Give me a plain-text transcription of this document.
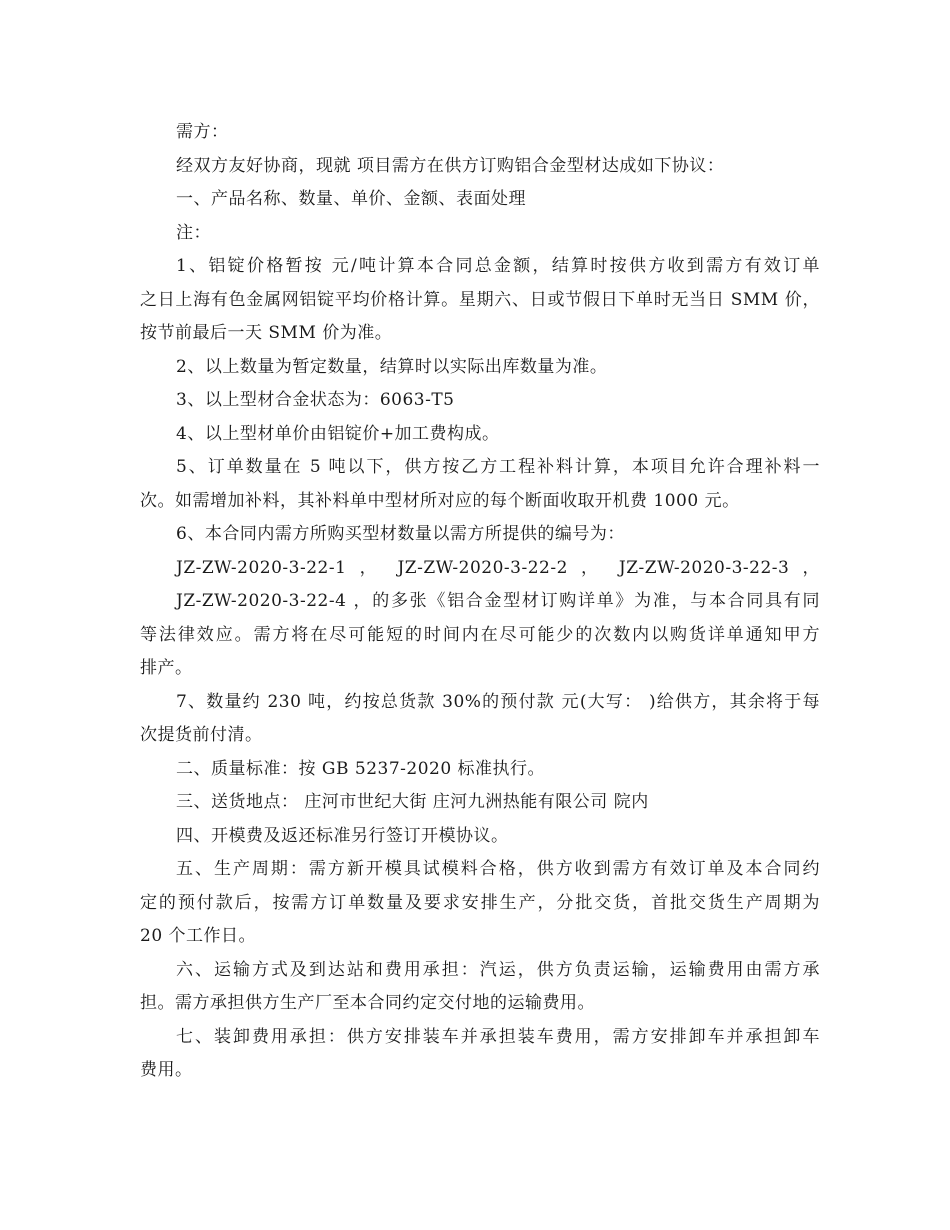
需方：
经双方友好协商，现就 项目需方在供方订购铝合金型材达成如下协议：
一、产品名称、数量、单价、金额、表面处理
注：
1、铝锭价格暂按 元/吨计算本合同总金额，结算时按供方收到需方有效订单
之日上海有色金属网铝锭平均价格计算。星期六、日或节假日下单时无当日 SMM 价，
按节前最后一天 SMM 价为准。
2、以上数量为暂定数量，结算时以实际出库数量为准。
3、以上型材合金状态为：6063-T5
4、以上型材单价由铝锭价+加工费构成。
5、订单数量在 5 吨以下，供方按乙方工程补料计算，本项目允许合理补料一
次。如需增加补料，其补料单中型材所对应的每个断面收取开机费 1000 元。
6、本合同内需方所购买型材数量以需方所提供的编号为：
JZ-ZW-2020-3-22-1 ， JZ-ZW-2020-3-22-2 ， JZ-ZW-2020-3-22-3 ，
JZ-ZW-2020-3-22-4 ，的多张《铝合金型材订购详单》为准，与本合同具有同
等法律效应。需方将在尽可能短的时间内在尽可能少的次数内以购货详单通知甲方
排产。
7、数量约 230 吨，约按总货款 30%的预付款 元(大写： )给供方，其余将于每
次提货前付清。
二、质量标准：按 GB 5237-2020 标准执行。
三、送货地点： 庄河市世纪大街 庄河九洲热能有限公司 院内
四、开模费及返还标准另行签订开模协议。
五、生产周期：需方新开模具试模料合格，供方收到需方有效订单及本合同约
定的预付款后，按需方订单数量及要求安排生产，分批交货，首批交货生产周期为
20 个工作日。
六、运输方式及到达站和费用承担：汽运，供方负责运输，运输费用由需方承
担。需方承担供方生产厂至本合同约定交付地的运输费用。
七、装卸费用承担：供方安排装车并承担装车费用，需方安排卸车并承担卸车
费用。
